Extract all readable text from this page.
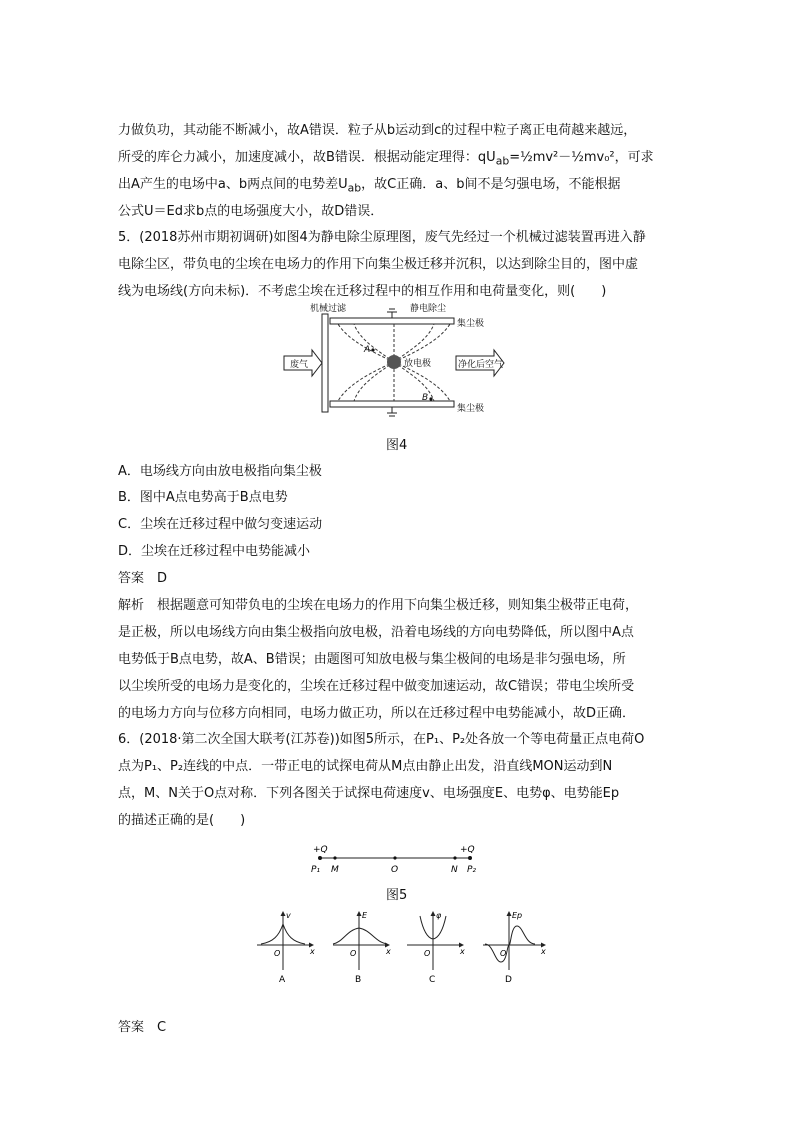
力做负功，其动能不断减小，故A错误．粒子从b运动到c的过程中粒子离正电荷越来越远，

所受的库仑力减小，加速度减小，故B错误．根据动能定理得：$qU_{ab}=\frac{1}{2}mv^2-\frac{1}{2}mv_0^2$，可求

出A产生的电场中a、b两点间的电势差$U_{ab}$，故C正确．a、b间不是匀强电场，不能根据

公式U＝Ed求b点的电场强度大小，故D错误．

5．(2018苏州市期初调研)如图4为静电除尘原理图，废气先经过一个机械过滤装置再进入静

电除尘区，带负电的尘埃在电场力的作用下向集尘极迁移并沉积，以达到除尘目的，图中虚

线为电场线(方向未标)．不考虑尘埃在迁移过程中的相互作用和电荷量变化，则(　　)

机械过滤	静电除尘
集尘极
集尘极
放电极
废气	净化后空气
A
B
图4

A．电场线方向由放电极指向集尘极

B．图中A点电势高于B点电势

C．尘埃在迁移过程中做匀变速运动

D．尘埃在迁移过程中电势能减小

答案　D

解析　根据题意可知带负电的尘埃在电场力的作用下向集尘极迁移，则知集尘极带正电荷，

是正极，所以电场线方向由集尘极指向放电极，沿着电场线的方向电势降低，所以图中A点

电势低于B点电势，故A、B错误；由题图可知放电极与集尘极间的电场是非匀强电场，所

以尘埃所受的电场力是变化的，尘埃在迁移过程中做变加速运动，故C错误；带电尘埃所受

的电场力方向与位移方向相同，电场力做正功，所以在迁移过程中电势能减小，故D正确．

6．(2018·第二次全国大联考(江苏卷))如图5所示，在P₁、P₂处各放一个等电荷量正点电荷O

点为P₁、P₂连线的中点．一带正电的试探电荷从M点由静止出发，沿直线MON运动到N

点，M、N关于O点对称．下列各图关于试探电荷速度v、电场强度E、电势φ、电势能Ep

的描述正确的是(　　)

+Q	+Q
P₁ M	O	N P₂
图5
v
O	x
A
E
O	x
B
φ
O	x
C
Ep
O	x
D

答案　C
